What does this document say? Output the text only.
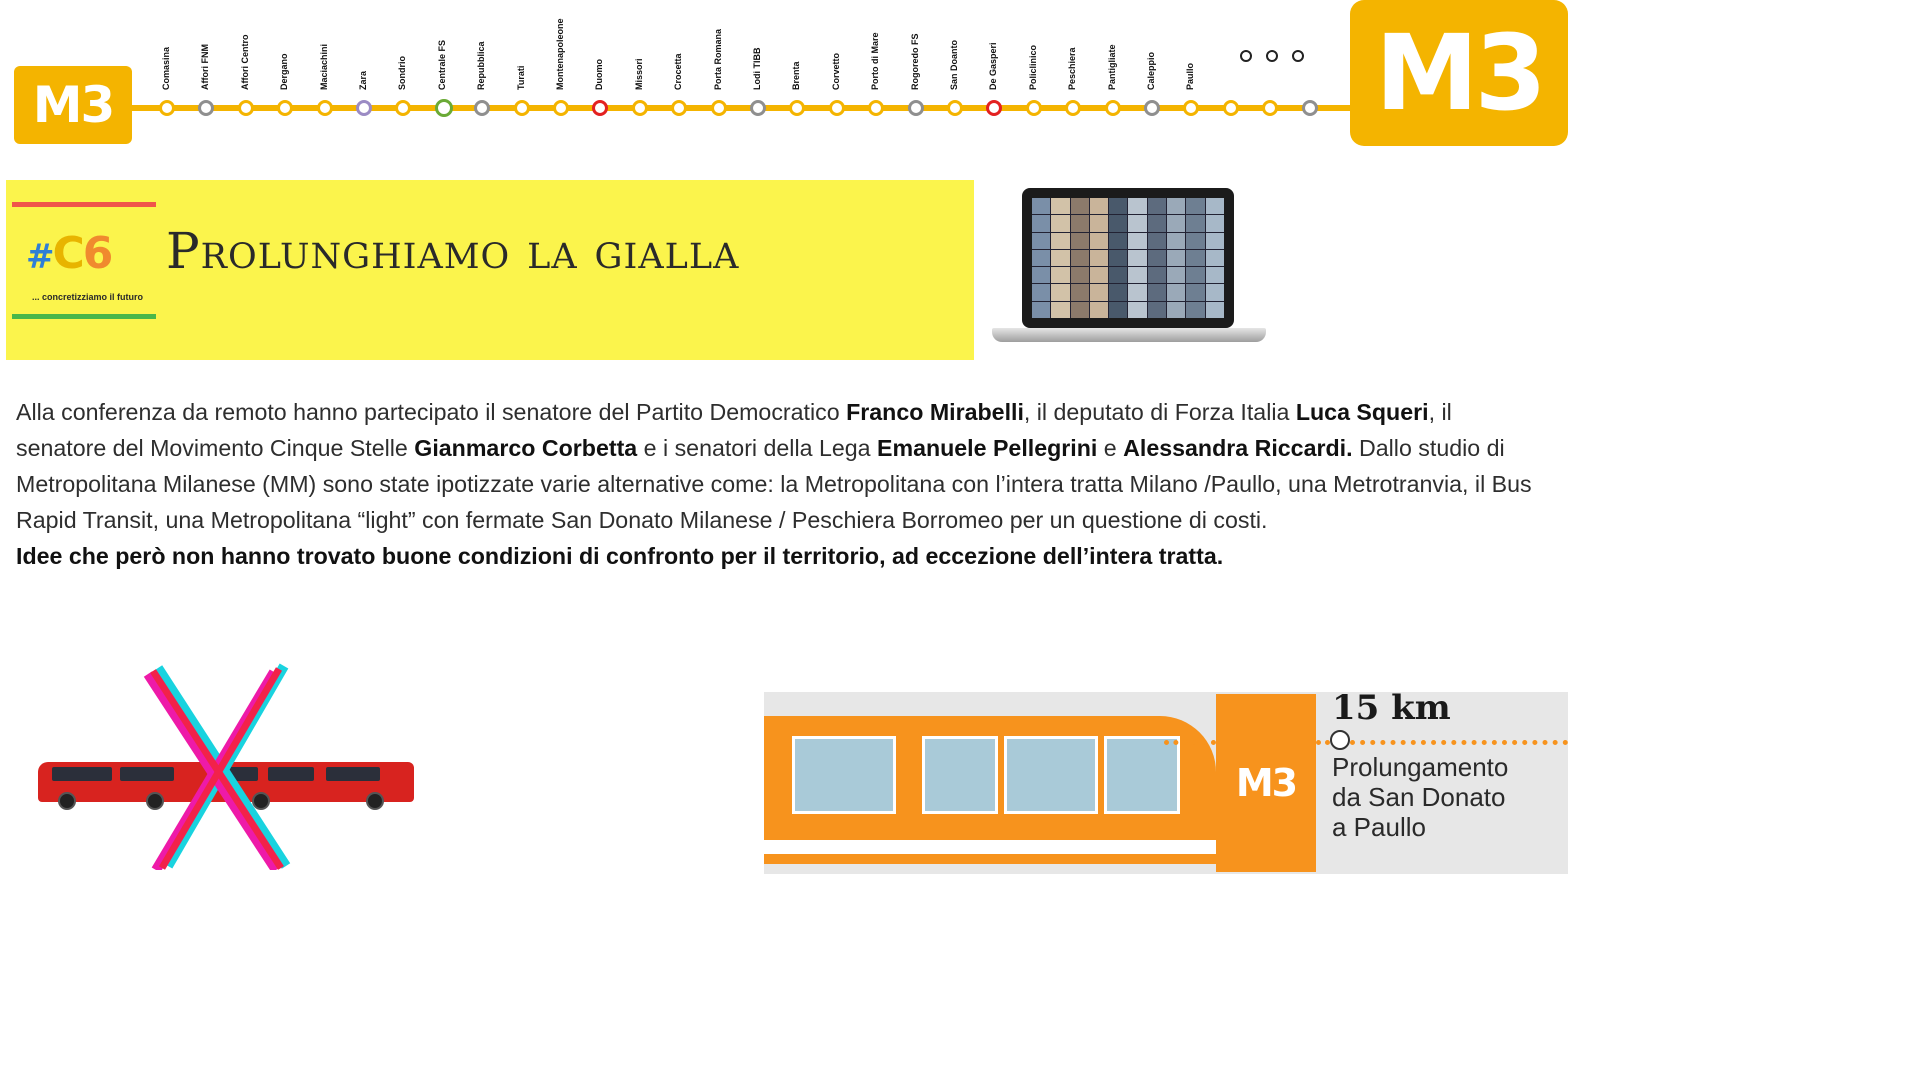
M3
Comasina	Affori FNM	Affori Centro	Dergano	Maciachini	Zara	Sondrio	Centrale FS	Repubblica	Turati	Montenapoleone	Duomo	Missori	Crocetta	Porta Romana	Lodi TIBB	Brenta	Corvetto	Porto di Mare	Rogoredo FS	San Doanto	De Gasperi	Policlinico	Peschiera	Pantigliate	Caleppio	Paullo M3
#C6
... concretizziamo il futuro
Prolunghiamo la gialla
Alla conferenza da remoto hanno partecipato il senatore del Partito Democratico Franco Mirabelli, il deputato di Forza Italia Luca Squeri, il senatore del Movimento Cinque Stelle Gianmarco Corbetta e i senatori della Lega Emanuele Pellegrini e Alessandra Riccardi. Dallo studio di Metropolitana Milanese (MM) sono state ipotizzate varie alternative come: la Metropolitana con l’intera tratta Milano /Paullo, una Metrotranvia, il Bus Rapid Transit, una Metropolitana “light” con fermate San Donato Milanese / Peschiera Borromeo per un questione di costi.
Idee che però non hanno trovato buone condizioni di confronto per il territorio, ad eccezione dell’intera tratta.
M3
15 km
Prolungamento
da San Donato
a Paullo
